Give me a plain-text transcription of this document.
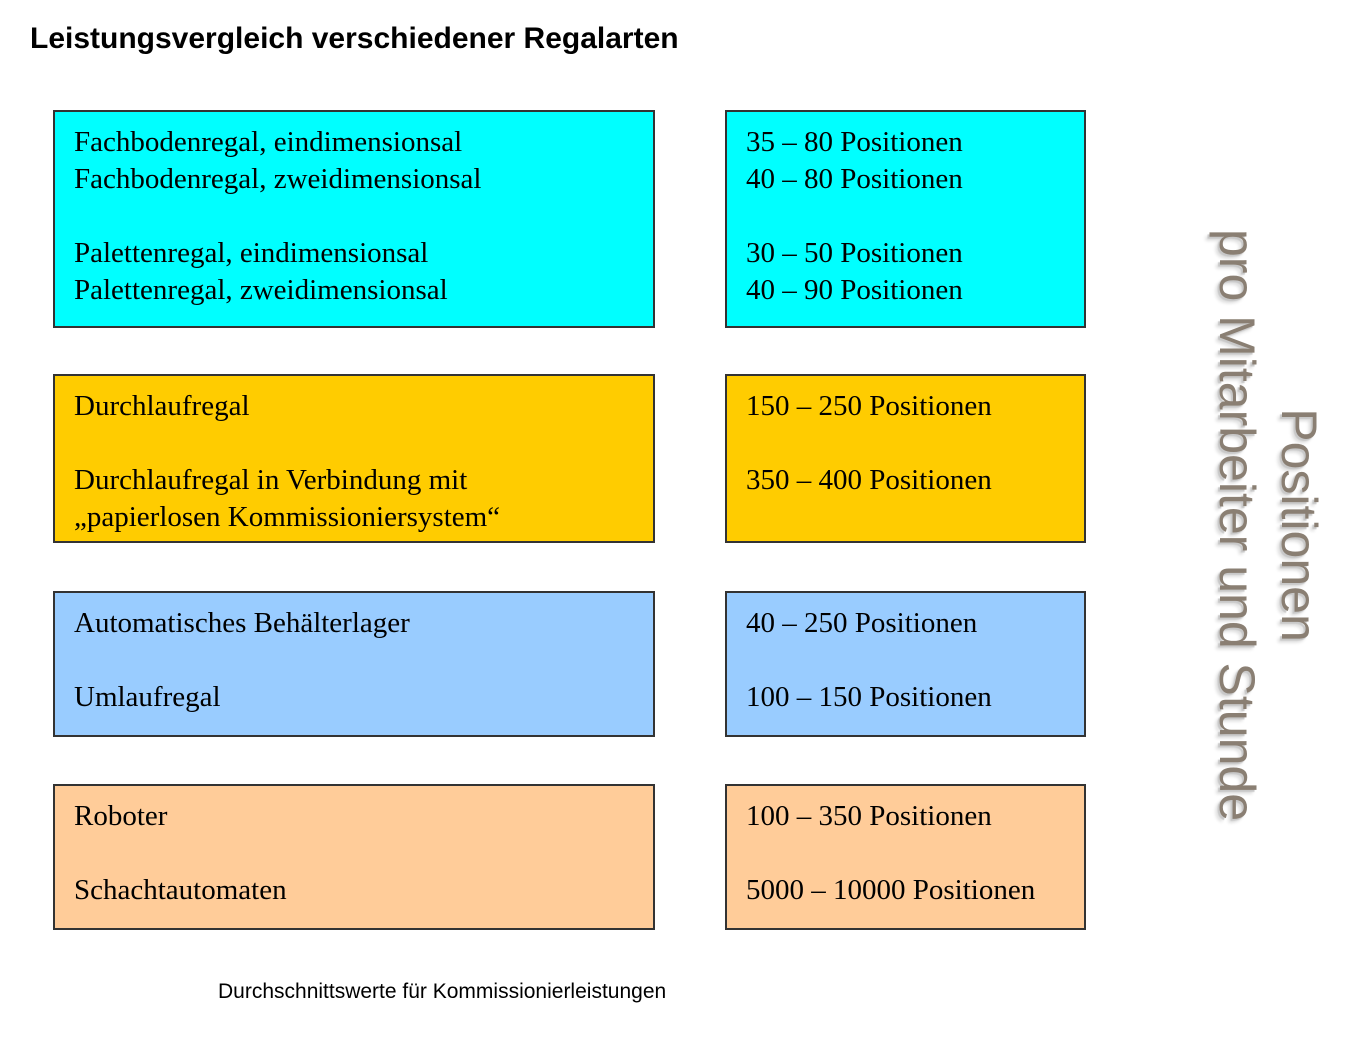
Leistungsvergleich verschiedener Regalarten
Fachbodenregal, eindimensionsal
Fachbodenregal, zweidimensionsal
Palettenregal, eindimensionsal
Palettenregal, zweidimensionsal
35 – 80 Positionen
40 – 80 Positionen
30 – 50 Positionen
40 – 90 Positionen
Durchlaufregal
Durchlaufregal in Verbindung mit
„papierlosen Kommissioniersystem“
150 – 250 Positionen
350 – 400 Positionen
Automatisches Behälterlager
Umlaufregal
40 – 250 Positionen
100 – 150 Positionen
Roboter
Schachtautomaten
100 – 350 Positionen
5000 – 10000 Positionen
Positionen
pro Mitarbeiter und Stunde
Durchschnittswerte für Kommissionierleistungen
